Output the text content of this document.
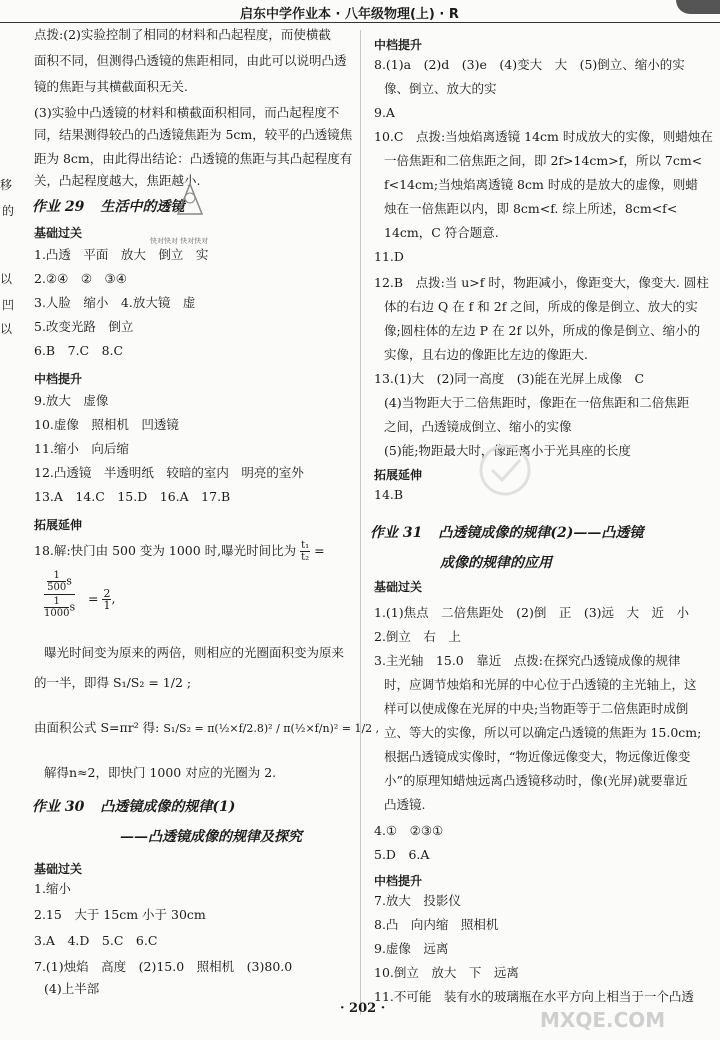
启东中学作业本 · 八年级物理(上) · R
移
的
以
凹
以
点拨:(2)实验控制了相同的材料和凸起程度，而使横截
面积不同，但测得凸透镜的焦距相同，由此可以说明凸透
镜的焦距与其横截面积无关.
(3)实验中凸透镜的材料和横截面积相同，而凸起程度不
同，结果测得较凸的凸透镜焦距为 5cm，较平的凸透镜焦
距为 8cm，由此得出结论：凸透镜的焦距与其凸起程度有
关，凸起程度越大，焦距越小.
作业 29 生活中的透镜
快对快对 快对快对
基础过关
1.凸透　平面　放大　倒立　实
2.②④　②　③④
3.人脸　缩小　4.放大镜　虚
5.改变光路　倒立
6.B　7.C　8.C
中档提升
9.放大　虚像
10.虚像　照相机　凹透镜
11.缩小　向后缩
12.凸透镜　半透明纸　较暗的室内　明亮的室外
13.A　14.C　15.D　16.A　17.B
拓展延伸
18.解:快门由 500 变为 1000 时,曝光时间比为 $\frac{\text{t₁}}{\text{t₂}}$ =
$\frac{1}{500}$ s
$\frac{1}{1000}$ s
= $\frac{2}{1}$ ,
曝光时间变为原来的两倍，则相应的光圈面积变为原来
的一半，即得 S₁/S₂ = 1/2 ;
由面积公式 S=πr² 得: S₁/S₂ = π(½×f/2.8)² / π(½×f/n)² = 1/2 ,
解得n≈2，即快门 1000 对应的光圈为 2.
作业 30 凸透镜成像的规律(1)
——凸透镜成像的规律及探究
基础过关
1.缩小
2.15　大于 15cm 小于 30cm
3.A　4.D　5.C　6.C
7.(1)烛焰　高度　(2)15.0　照相机　(3)80.0
(4)上半部
中档提升
8.(1)a　(2)d　(3)e　(4)变大　大　(5)倒立、缩小的实
像、倒立、放大的实
9.A
10.C　点拨:当烛焰离透镜 14cm 时成放大的实像，则蜡烛在
一倍焦距和二倍焦距之间，即 2f>14cm>f，所以 7cm<
f<14cm;当烛焰离透镜 8cm 时成的是放大的虚像，则蜡
烛在一倍焦距以内，即 8cm<f. 综上所述，8cm<f<
14cm，C 符合题意.
11.D
12.B　点拨:当 u>f 时，物距减小，像距变大，像变大. 圆柱
体的右边 Q 在 f 和 2f 之间，所成的像是倒立、放大的实
像;圆柱体的左边 P 在 2f 以外，所成的像是倒立、缩小的
实像，且右边的像距比左边的像距大.
13.(1)大　(2)同一高度　(3)能在光屏上成像　C
(4)当物距大于二倍焦距时，像距在一倍焦距和二倍焦距
之间，凸透镜成倒立、缩小的实像
(5)能;物距最大时，像距离小于光具座的长度
拓展延伸
14.B
作业 31 凸透镜成像的规律(2)——凸透镜
成像的规律的应用
基础过关
1.(1)焦点　二倍焦距处　(2)倒　正　(3)远　大　近　小
2.倒立　右　上
3.主光轴　15.0　靠近　点拨:在探究凸透镜成像的规律
时，应调节烛焰和光屏的中心位于凸透镜的主光轴上，这
样可以使成像在光屏的中央;当物距等于二倍焦距时成倒
立、等大的实像，所以可以确定凸透镜的焦距为 15.0cm;
根据凸透镜成实像时，“物近像远像变大，物远像近像变
小”的原理知蜡烛远离凸透镜移动时，像(光屏)就要靠近
凸透镜.
4.①　②③①
5.D　6.A
中档提升
7.放大　投影仪
8.凸　向内缩　照相机
9.虚像　远离
10.倒立　放大　下　远离
11.不可能　装有水的玻璃瓶在水平方向上相当于一个凸透
MXQE.COM
· 202 ·
